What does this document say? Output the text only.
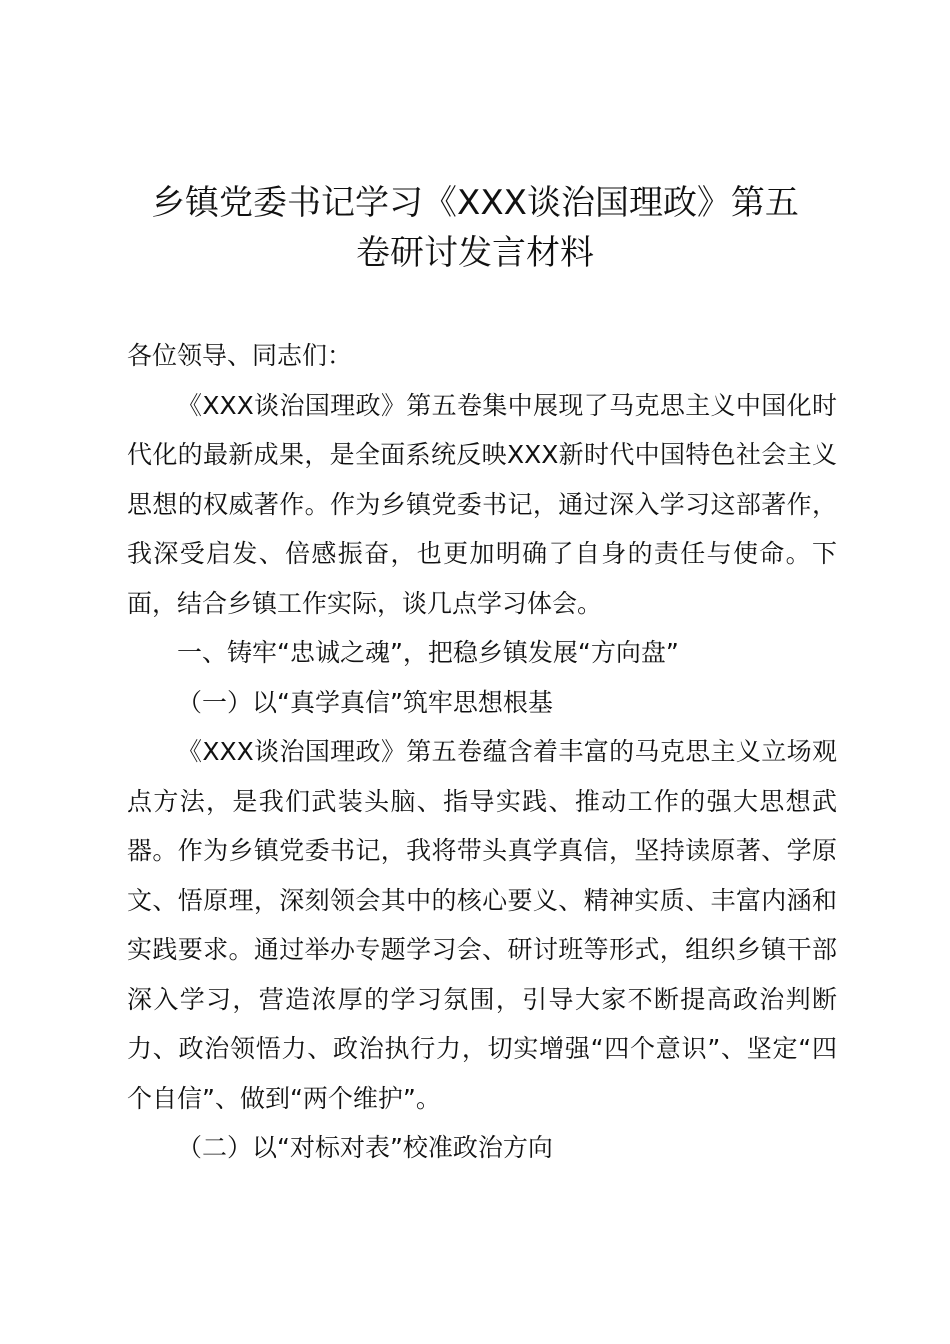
乡镇党委书记学习《XXX谈治国理政》第五
卷研讨发言材料

各位领导、同志们：

《XXX谈治国理政》第五卷集中展现了马克思主义中国化时代化的最新成果，是全面系统反映XXX新时代中国特色社会主义思想的权威著作。作为乡镇党委书记，通过深入学习这部著作，我深受启发、倍感振奋，也更加明确了自身的责任与使命。下面，结合乡镇工作实际，谈几点学习体会。

一、铸牢“忠诚之魂”，把稳乡镇发展“方向盘”

（一）以“真学真信”筑牢思想根基

《XXX谈治国理政》第五卷蕴含着丰富的马克思主义立场观点方法，是我们武装头脑、指导实践、推动工作的强大思想武器。作为乡镇党委书记，我将带头真学真信，坚持读原著、学原文、悟原理，深刻领会其中的核心要义、精神实质、丰富内涵和实践要求。通过举办专题学习会、研讨班等形式，组织乡镇干部深入学习，营造浓厚的学习氛围，引导大家不断提高政治判断力、政治领悟力、政治执行力，切实增强“四个意识”、坚定“四个自信”、做到“两个维护”。

（二）以“对标对表”校准政治方向
